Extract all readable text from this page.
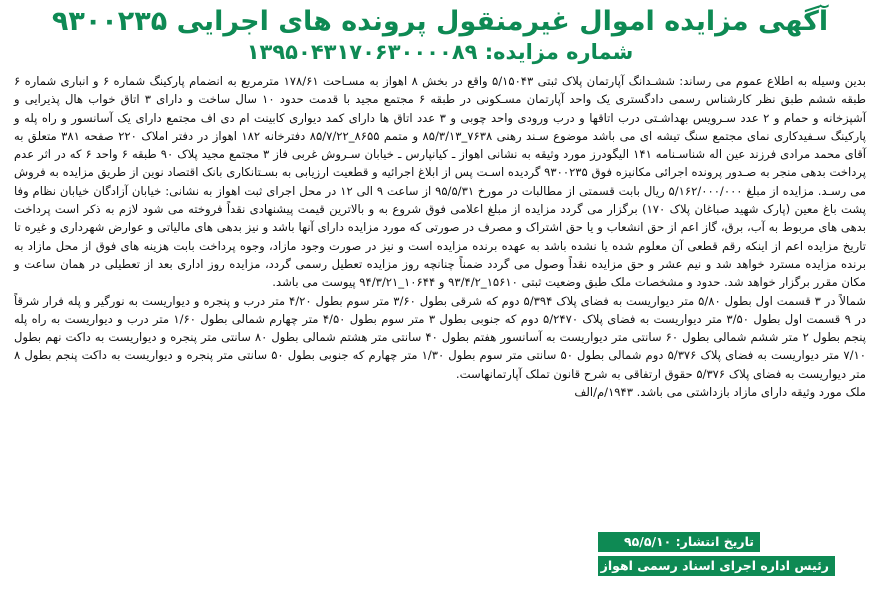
آگهی مزایده اموال غیرمنقول پرونده های اجرایی ۹۳۰۰۲۳۵
شماره مزایده: ۱۳۹۵۰۴۳۱۷۰۶۳۰۰۰۰۸۹

بدین وسیله به اطلاع عموم می رساند: ششـدانگ آپارتمان پلاک ثبتی ۵/۱۵۰۴۳ واقع در بخش ۸ اهواز به مسـاحت ۱۷۸/۶۱ مترمربع به انضمام پارکینگ شماره ۶ و انباری شماره ۶ طبقه ششم طبق نظر کارشناس رسمی دادگستری یک واحد آپارتمان مسـکونی در طبقه ۶ مجتمع مجید با قدمت حدود ۱۰ سال ساخت و دارای ۳ اتاق خواب هال پذیرایی و آشپزخانه و حمام و ۲ عدد سـرویس بهداشـتی درب اتاقها و درب ورودی واحد چوبی و ۳ عدد اتاق ها دارای کمد دیواری کابینت ام دی اف مجتمع دارای یک آسانسور و راه پله و پارکینگ سـفیدکاری نمای مجتمع سنگ تیشه ای می باشد موضوع سـند رهنی ۷۶۳۸_۸۵/۳/۱۳ و متمم ۸۶۵۵_۸۵/۷/۲۲ دفترخانه ۱۸۲ اهواز در دفتر املاک ۲۲۰ صفحه ۳۸۱ متعلق به آقای محمد مرادی فرزند عین اله شناسـنامه ۱۴۱ الیگودرز مورد وثیقه به نشانی اهواز ـ کیانپارس ـ خیابان سـروش غربی فاز ۳ مجتمع مجید پلاک ۹۰ طبقه ۶ واحد ۶ که در اثر عدم پرداخت بدهی منجر به صـدور پرونده اجرائی مکانیزه فوق ۹۳۰۰۲۳۵ گردیده اسـت پس از ابلاغ اجرائیه و قطعیت ارزیابی به بسـتانکاری بانک اقتصاد نوین از طریق مزایده به فروش می رسـد. مزایده از مبلغ ۵/۱۶۲/۰۰۰/۰۰۰ ریال بابت قسمتی از مطالبات در مورخ ۹۵/۵/۳۱ از ساعت ۹ الی ۱۲ در محل اجرای ثبت اهواز به نشانی: خیابان آزادگان خیابان نظام وفا پشت باغ معین (پارک شهید صباغان پلاک ۱۷۰) برگزار می گردد مزایده از مبلغ اعلامی فوق شروع به و بالاترین قیمت پیشنهادی نقداً فروخته می شود لازم به ذکر است پرداخت بدهی های مربوط به آب، برق، گاز اعم از حق انشعاب و یا حق اشتراک و مصرف در صورتی که مورد مزایده دارای آنها باشد و نیز بدهی های مالیاتی و عوارض شهرداری و غیره تا تاریخ مزایده اعم از اینکه رقم قطعی آن معلوم شده یا نشده باشد به عهده برنده مزایده است و نیز در صورت وجود مازاد، وجوه پرداخت بابت هزینه های فوق از محل مازاد به برنده مزایده مسترد خواهد شد و نیم عشر و حق مزایده نقداً وصول می گردد ضمناً چنانچه روز مزایده تعطیل رسمی گردد، مزایده روز اداری بعد از تعطیلی در همان ساعت و مکان مقرر برگزار خواهد شد. حدود و مشخصات ملک طبق وضعیت ثبتی ۱۵۶۱۰_۹۳/۴/۲ و ۱۰۶۴۴_۹۴/۳/۲۱ پیوست می باشد.

شمالاً در ۳ قسمت اول بطول ۵/۸۰ متر دیواریست به فضای پلاک ۵/۳۹۴ دوم که شرقی بطول ۳/۶۰ متر سوم بطول ۴/۲۰ متر درب و پنجره و دیواریست به نورگیر و پله فرار شرقاً در ۹ قسمت اول بطول ۳/۵۰ متر دیواریست به فضای پلاک ۵/۲۴۷۰ دوم که جنوبی بطول ۳ متر سوم بطول ۴/۵۰ متر چهارم شمالی بطول ۱/۶۰ متر درب و دیواریست به راه پله پنجم بطول ۲ متر ششم شمالی بطول ۶۰ سانتی متر دیواریست به آسانسور هفتم بطول ۴۰ سانتی متر هشتم شمالی بطول ۸۰ سانتی متر پنجره و دیواریست به داکت نهم بطول ۷/۱۰ متر دیواریست به فضای پلاک ۵/۳۷۶ دوم شمالی بطول ۵۰ سانتی متر سوم بطول ۱/۳۰ متر چهارم که جنوبی بطول ۵۰ سانتی متر پنجره و دیواریست به داکت پنجم بطول ۸ متر دیواریست به فضای پلاک ۵/۳۷۶ حقوق ارتفاقی به شرح قانون تملک آپارتمانهاست.

ملک مورد وثیقه دارای مازاد بازداشتی می باشد. ۱۹۴۳/م/الف

تاریخ انتشار: ۹۵/۵/۱۰
رئیس اداره اجرای اسناد رسمی اهواز ـ مهدی بهمئی
